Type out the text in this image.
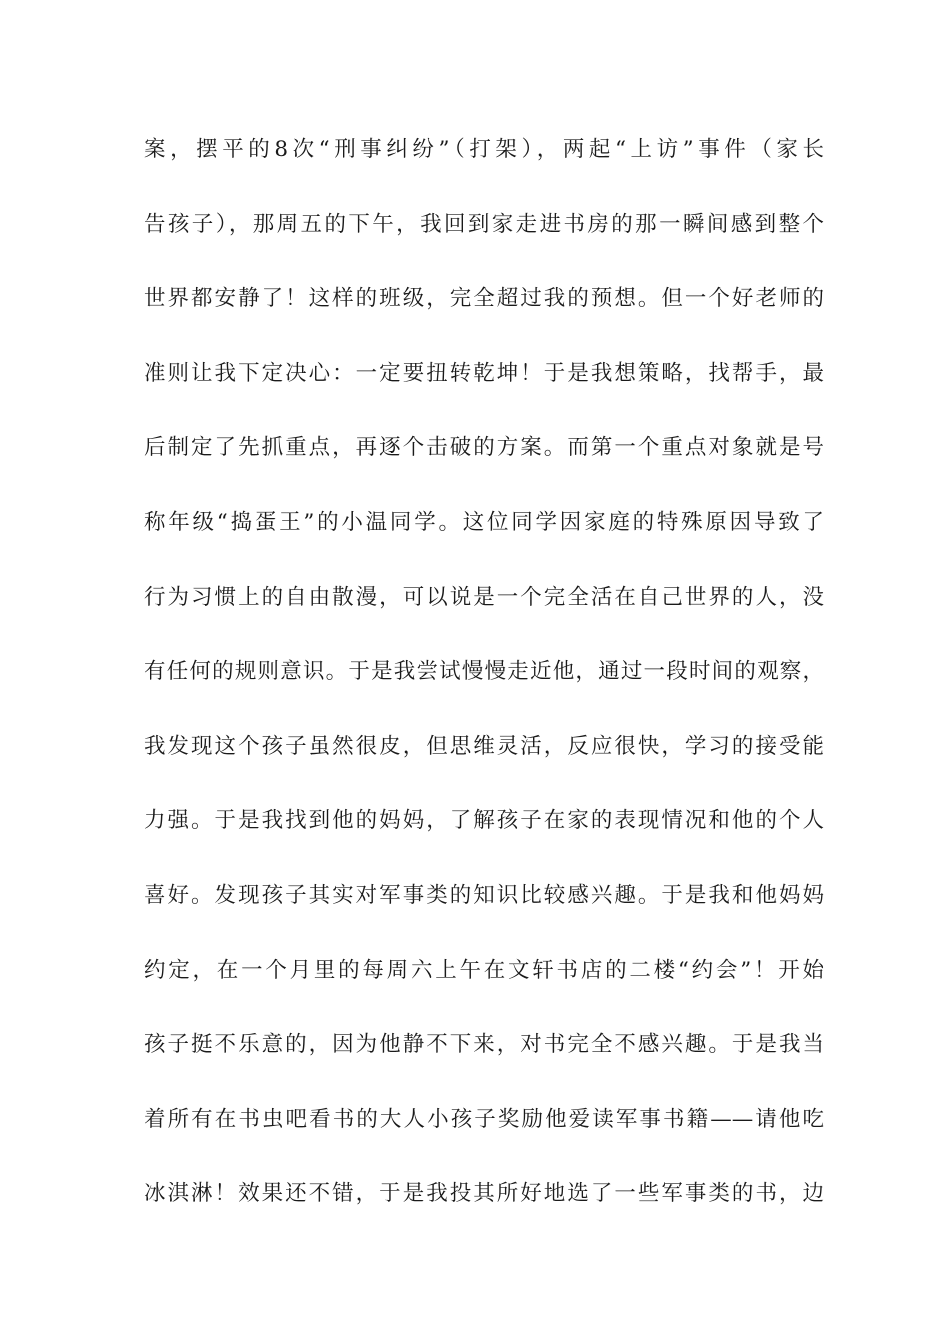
案，摆平的8次“刑事纠纷”（打架），两起“上访”事件（家长
告孩子），那周五的下午，我回到家走进书房的那一瞬间感到整个
世界都安静了！这样的班级，完全超过我的预想。但一个好老师的
准则让我下定决心：一定要扭转乾坤！于是我想策略，找帮手，最
后制定了先抓重点，再逐个击破的方案。而第一个重点对象就是号
称年级“捣蛋王”的小温同学。这位同学因家庭的特殊原因导致了
行为习惯上的自由散漫，可以说是一个完全活在自己世界的人，没
有任何的规则意识。于是我尝试慢慢走近他，通过一段时间的观察，
我发现这个孩子虽然很皮，但思维灵活，反应很快，学习的接受能
力强。于是我找到他的妈妈，了解孩子在家的表现情况和他的个人
喜好。发现孩子其实对军事类的知识比较感兴趣。于是我和他妈妈
约定，在一个月里的每周六上午在文轩书店的二楼“约会”！开始
孩子挺不乐意的，因为他静不下来，对书完全不感兴趣。于是我当
着所有在书虫吧看书的大人小孩子奖励他爱读军事书籍——请他吃
冰淇淋！效果还不错，于是我投其所好地选了一些军事类的书，边
